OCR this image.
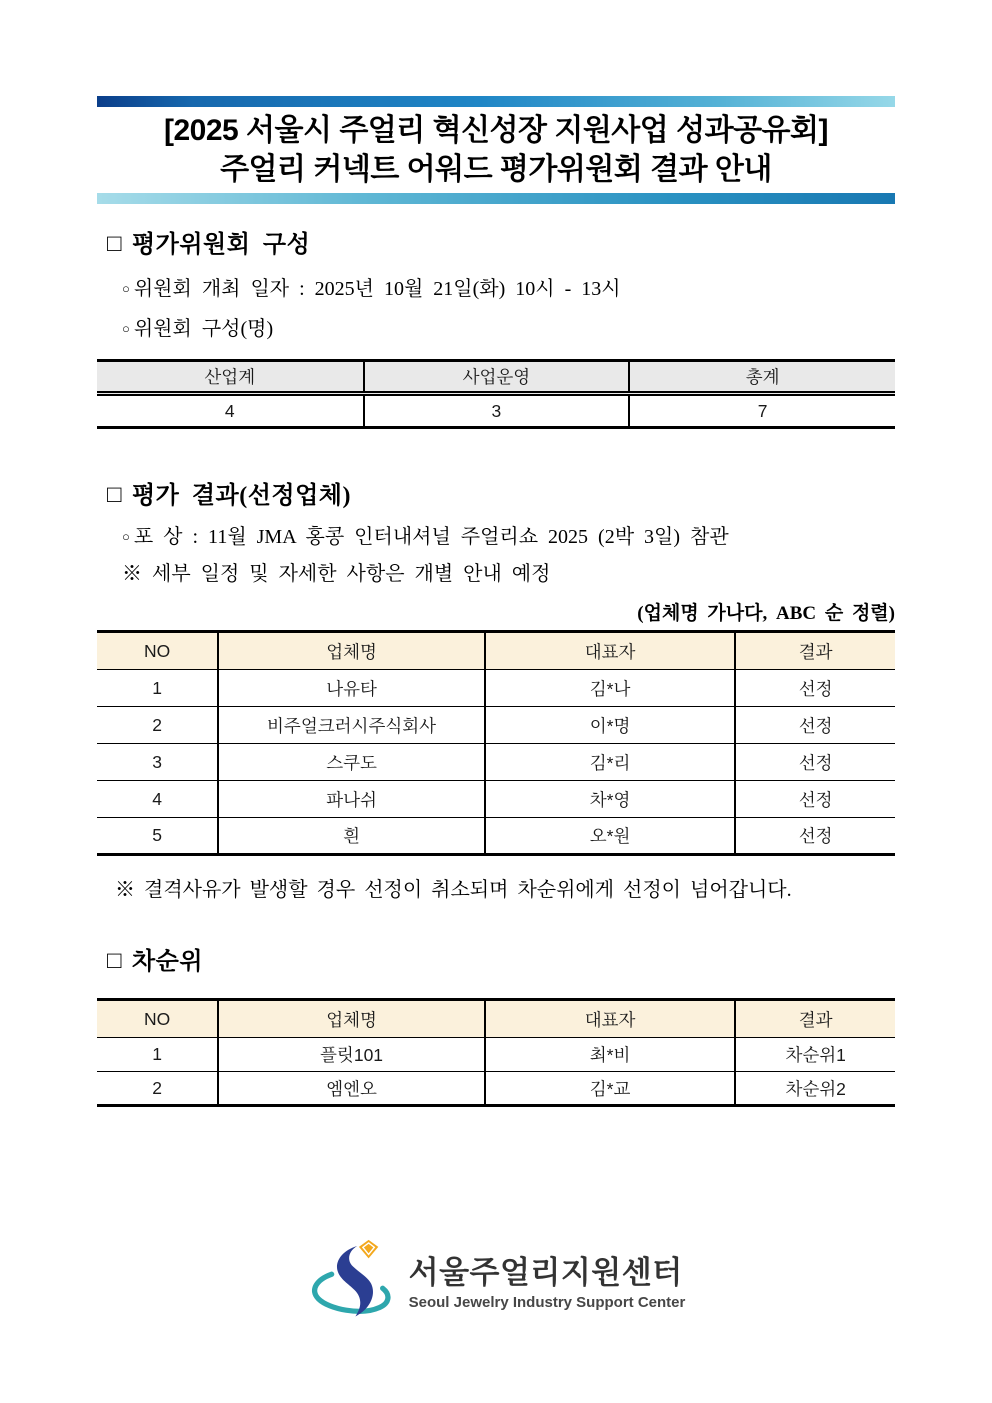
[2025 서울시 주얼리 혁신성장 지원사업 성과공유회]
주얼리 커넥트 어워드 평가위원회 결과 안내
□ 평가위원회 구성
○ 위원회 개최 일자 : 2025년 10월 21일(화) 10시 - 13시
○ 위원회 구성(명)
산업계	사업운영	총계
4	3	7
□ 평가 결과(선정업체)
○ 포 상 : 11월 JMA 홍콩 인터내셔널 주얼리쇼 2025 (2박 3일) 참관
※ 세부 일정 및 자세한 사항은 개별 안내 예정
(업체명 가나다, ABC 순 정렬)
NO	업체명	대표자	결과
1	나유타	김*나	선정
2	비주얼크러시주식회사	이*명	선정
3	스쿠도	김*리	선정
4	파나쉬	차*영	선정
5	흰	오*원	선정
※ 결격사유가 발생할 경우 선정이 취소되며 차순위에게 선정이 넘어갑니다.
□ 차순위
NO	업체명	대표자	결과
1	플릿101	최*비	차순위1
2	엠엔오	김*교	차순위2
서울주얼리지원센터
Seoul Jewelry Industry Support Center
